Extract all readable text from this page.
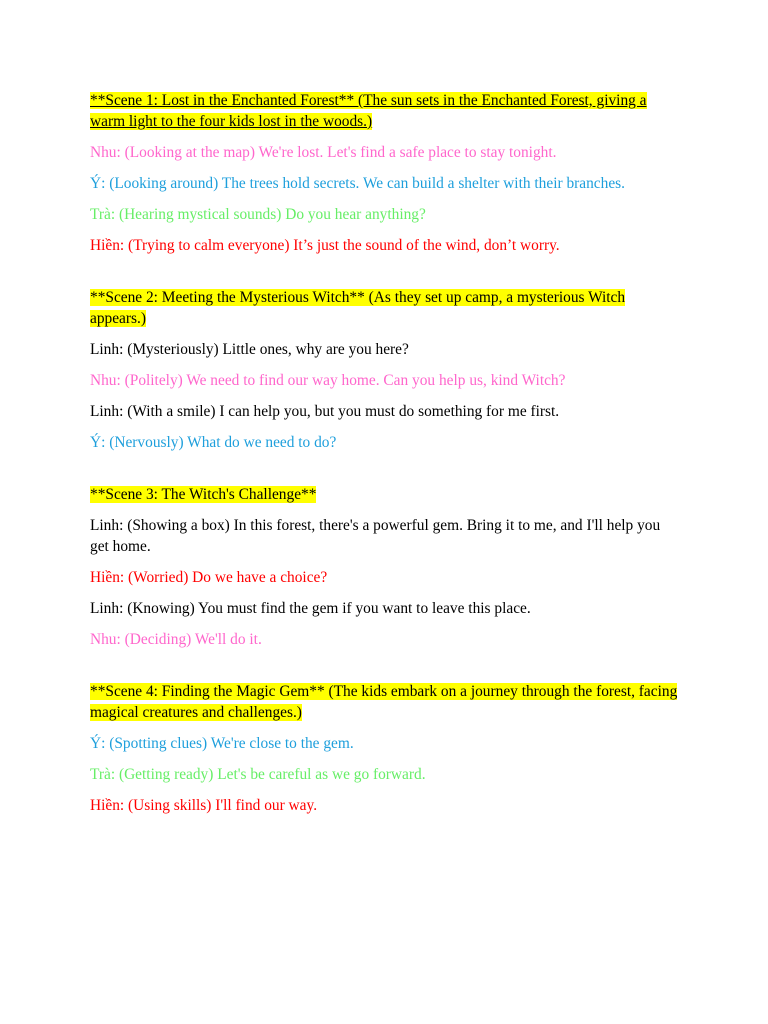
**Scene 1: Lost in the Enchanted Forest** (The sun sets in the Enchanted Forest, giving a warm light to the four kids lost in the woods.)

Nhu: (Looking at the map) We're lost. Let's find a safe place to stay tonight.

Ý: (Looking around) The trees hold secrets. We can build a shelter with their branches.

Trà: (Hearing mystical sounds) Do you hear anything?

Hiền: (Trying to calm everyone) It’s just the sound of the wind, don’t worry.

**Scene 2: Meeting the Mysterious Witch** (As they set up camp, a mysterious Witch appears.)

Linh: (Mysteriously) Little ones, why are you here?

Nhu: (Politely) We need to find our way home. Can you help us, kind Witch?

Linh: (With a smile) I can help you, but you must do something for me first.

Ý: (Nervously) What do we need to do?

**Scene 3: The Witch's Challenge**

Linh: (Showing a box) In this forest, there's a powerful gem. Bring it to me, and I'll help you get home.

Hiền: (Worried) Do we have a choice?

Linh: (Knowing) You must find the gem if you want to leave this place.

Nhu: (Deciding) We'll do it.

**Scene 4: Finding the Magic Gem** (The kids embark on a journey through the forest, facing magical creatures and challenges.)

Ý: (Spotting clues) We're close to the gem.

Trà: (Getting ready) Let's be careful as we go forward.

Hiền: (Using skills) I'll find our way.
